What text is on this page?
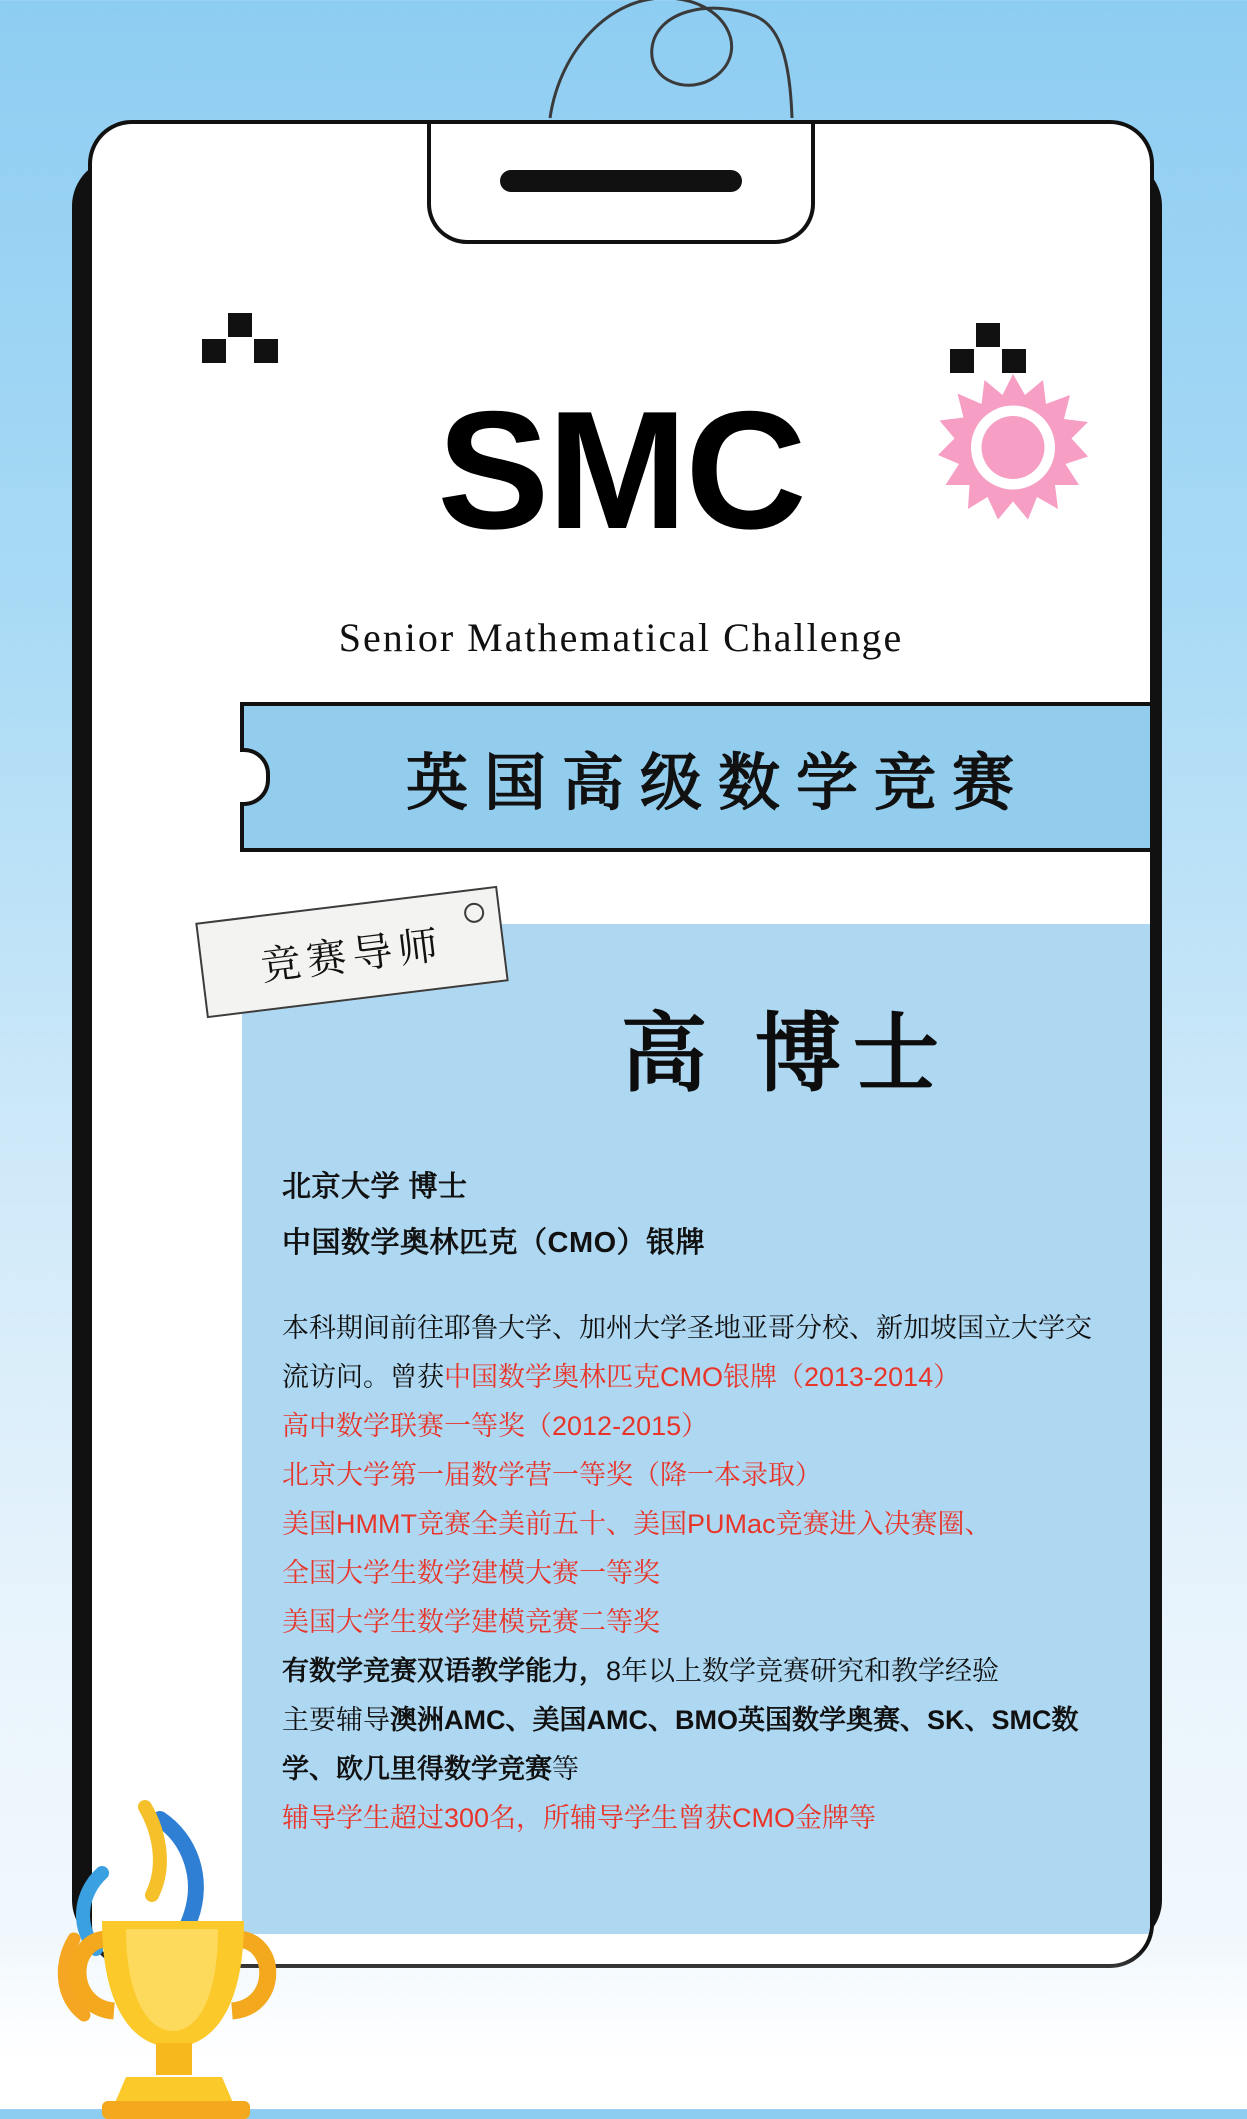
SMC
Senior Mathematical Challenge
英国高级数学竞赛
竞赛导师
高 博士
北京大学 博士
中国数学奥林匹克（CMO）银牌

本科期间前往耶鲁大学、加州大学圣地亚哥分校、新加坡国立大学交

流访问。曾获中国数学奥林匹克CMO银牌（2013-2014）

高中数学联赛一等奖（2012-2015）

北京大学第一届数学营一等奖（降一本录取）

美国HMMT竞赛全美前五十、美国PUMac竞赛进入决赛圈、

全国大学生数学建模大赛一等奖

美国大学生数学建模竞赛二等奖

有数学竞赛双语教学能力，8年以上数学竞赛研究和教学经验

主要辅导澳洲AMC、美国AMC、BMO英国数学奥赛、SK、SMC数

学、欧几里得数学竞赛等

辅导学生超过300名，所辅导学生曾获CMO金牌等
